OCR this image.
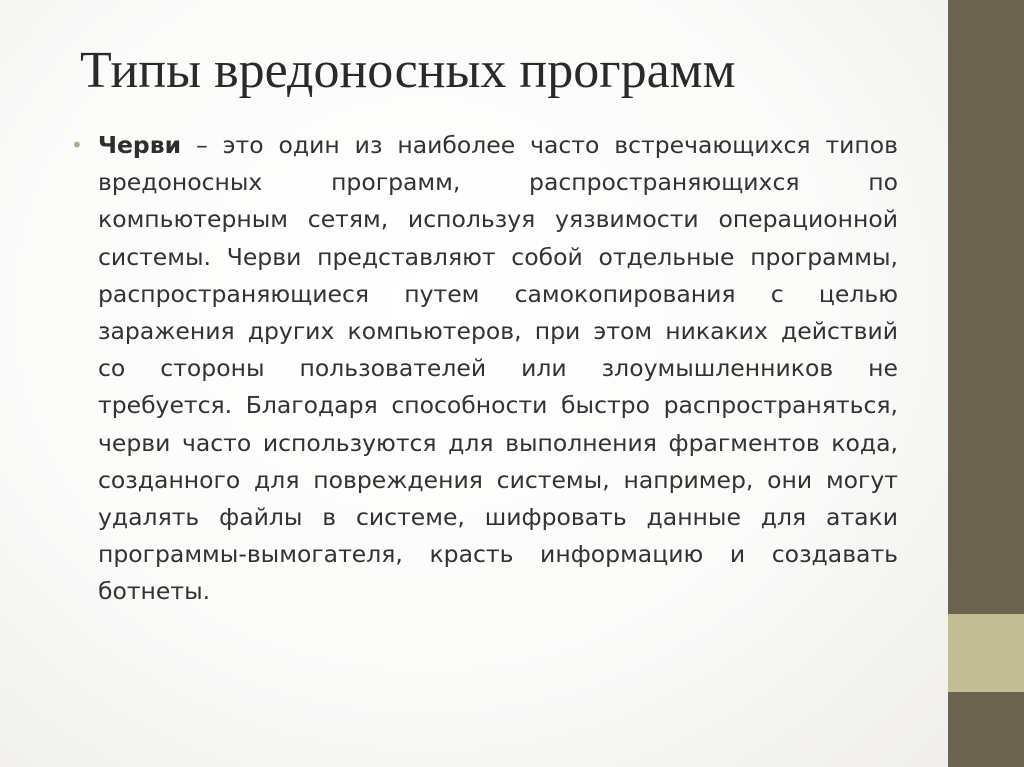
Типы вредоносных программ
• Черви – это один из наиболее часто встречающихся типов вредоносных программ, распространяющихся по компьютерным сетям, используя уязвимости операционной системы. Черви представляют собой отдельные программы, распространяющиеся путем самокопирования с целью заражения других компьютеров, при этом никаких действий со стороны пользователей или злоумышленников не требуется. Благодаря способности быстро распространяться, черви часто используются для выполнения фрагментов кода, созданного для повреждения системы, например, они могут удалять файлы в системе, шифровать данные для атаки программы-вымогателя, красть информацию и создавать ботнеты.
